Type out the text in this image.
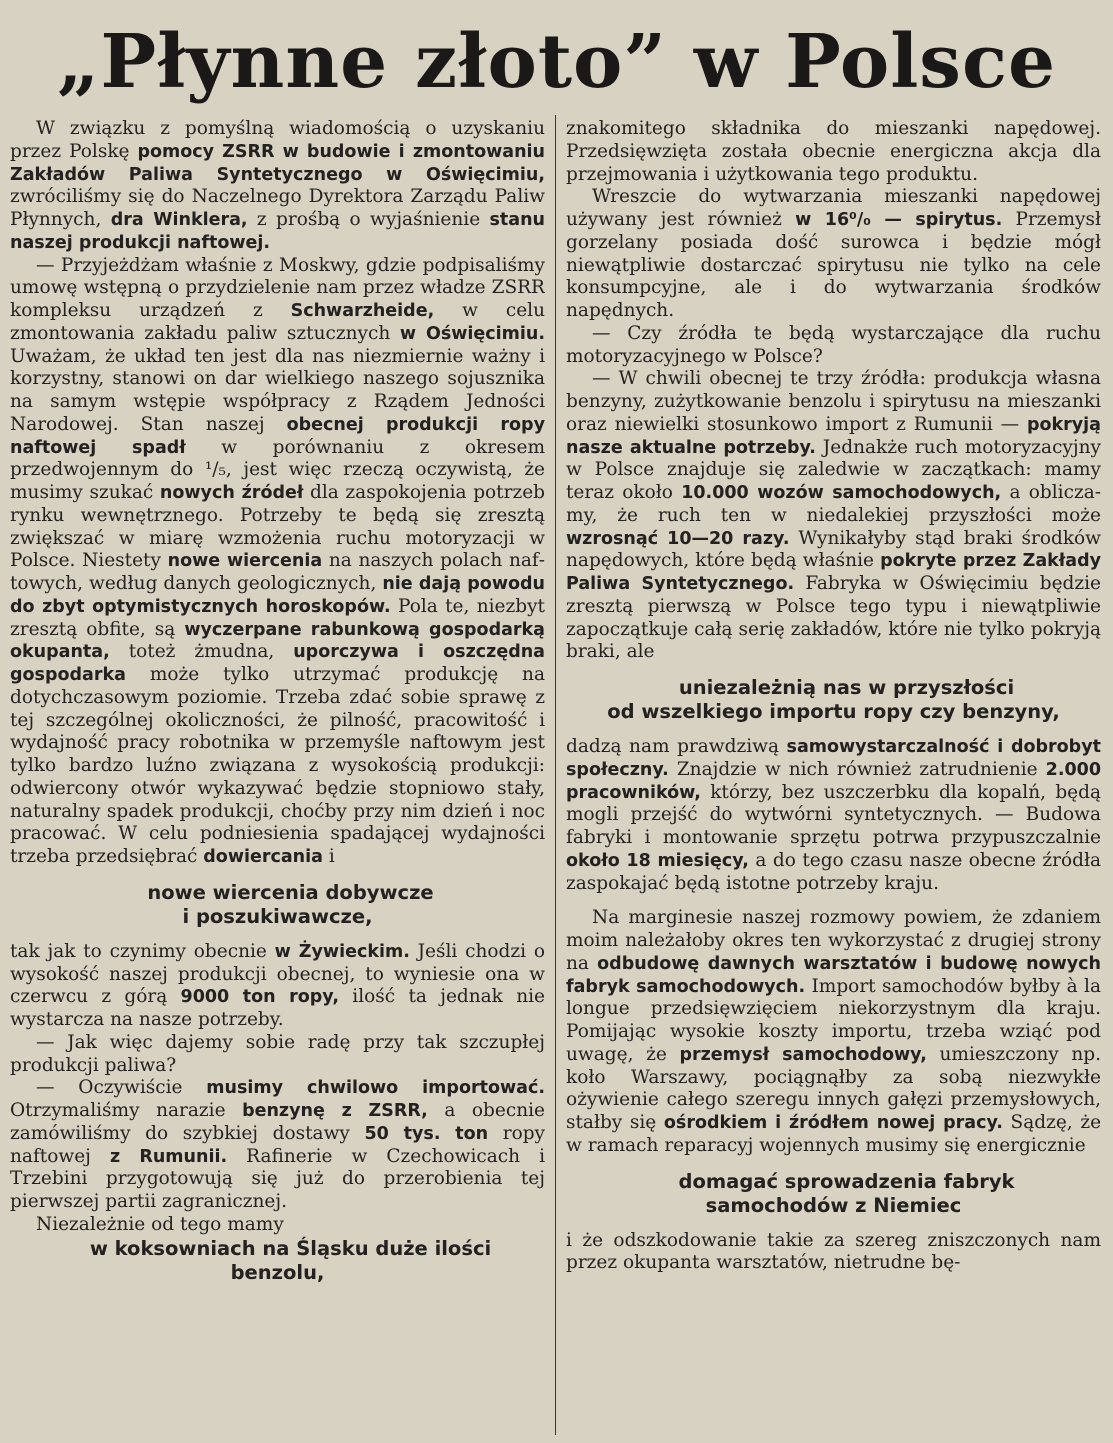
„Płynne złoto” w Polsce

W związku z pomyślną wiadomością o uzyskaniu przez Polskę pomocy ZSRR w budowie i zmontowaniu Zakładów Paliwa Syntetycznego w Oświęcimiu, zwróciliśmy się do Naczelnego Dyrektora Zarządu Paliw Płynnych, dra Winklera, z prośbą o wyjaśnienie stanu naszej produkcji naftowej.

— Przyjeżdżam właśnie z Moskwy, gdzie podpisaliśmy umowę wstępną o przydzielenie nam przez władze ZSRR kompleksu urządzeń z Schwarzheide, w celu zmontowania zakładu paliw sztucznych w Oświęcimiu. Uważam, że układ ten jest dla nas niezmiernie ważny i korzystny, stanowi on dar wielkiego naszego sojusznika na samym wstępie współpracy z Rządem Jedności Narodowej. Stan naszej obecnej produkcji ropy naftowej spadł w porównaniu z okresem przedwojennym do ¹/₅, jest więc rzeczą oczywistą, że musimy szukać nowych źródeł dla zaspokojenia potrzeb rynku wewnętrznego. Potrzeby te będą się zresztą zwiększać w miarę wzmożenia ruchu motoryzacji w Polsce. Niestety nowe wiercenia na naszych polach naftowych, według danych geologicznych, nie dają powodu do zbyt optymistycznych horoskopów. Pola te, niezbyt zresztą obfite, są wyczerpane rabunkową gospodarką okupanta, toteż żmudna, uporczywa i oszczędna gospodarka może tylko utrzymać produkcję na dotychczasowym poziomie. Trzeba zdać sobie sprawę z tej szczególnej okoliczności, że pilność, pracowitość i wydajność pracy robotnika w przemyśle naftowym jest tylko bardzo luźno związana z wysokością produkcji: odwiercony otwór wykazywać będzie stopniowo stały, naturalny spadek produkcji, choćby przy nim dzień i noc pracować. W celu podniesienia spadającej wydajności trzeba przedsiębrać dowiercania i

nowe wiercenia dobywcze
i poszukiwawcze,

tak jak to czynimy obecnie w Żywieckim. Jeśli chodzi o wysokość naszej produkcji obecnej, to wyniesie ona w czerwcu z górą 9000 ton ropy, ilość ta jednak nie wystarcza na nasze potrzeby.

— Jak więc dajemy sobie radę przy tak szczupłej produkcji paliwa?

— Oczywiście musimy chwilowo importować. Otrzymaliśmy narazie benzynę z ZSRR, a obecnie zamówiliśmy do szybkiej dostawy 50 tys. ton ropy naftowej z Rumunii. Rafinerie w Czechowicach i Trzebini przygotowują się już do przerobienia tej pierwszej partii zagranicznej.

Niezależnie od tego mamy

w koksowniach na Śląsku duże ilości
benzolu,

znakomitego składnika do mieszanki napędowej. Przedsięwzięta została obecnie energiczna akcja dla przejmowania i użytkowania tego produktu.

Wreszcie do wytwarzania mieszanki napędowej używany jest również w 16⁰/₀ — spirytus. Przemysł gorzelany posiada dość surowca i będzie mógł niewątpliwie dostarczać spirytusu nie tylko na cele konsumpcyjne, ale i do wytwarzania środków napędnych.

— Czy źródła te będą wystarczające dla ruchu motoryzacyjnego w Polsce?

— W chwili obecnej te trzy źródła: produkcja własna benzyny, zużytkowanie benzolu i spirytusu na mieszanki oraz niewielki stosunkowo import z Rumunii — pokryją nasze aktualne potrzeby. Jednakże ruch motoryzacyjny w Polsce znajduje się zaledwie w zaczątkach: mamy teraz około 10.000 wozów samochodowych, a obliczamy, że ruch ten w niedalekiej przyszłości może wzrosnąć 10—20 razy. Wynikałyby stąd braki środków napędowych, które będą właśnie pokryte przez Zakłady Paliwa Syntetycznego. Fabryka w Oświęcimiu będzie zresztą pierwszą w Polsce tego typu i niewątpliwie zapoczątkuje całą serię zakładów, które nie tylko pokryją braki, ale

uniezależnią nas w przyszłości
od wszelkiego importu ropy czy benzyny,

dadzą nam prawdziwą samowystarczalność i dobrobyt społeczny. Znajdzie w nich również zatrudnienie 2.000 pracowników, którzy, bez uszczerbku dla kopalń, będą mogli przejść do wytwórni syntetycznych. — Budowa fabryki i montowanie sprzętu potrwa przypuszczalnie około 18 miesięcy, a do tego czasu nasze obecne źródła zaspokajać będą istotne potrzeby kraju.

Na marginesie naszej rozmowy powiem, że zdaniem moim należałoby okres ten wykorzystać z drugiej strony na odbudowę dawnych warsztatów i budowę nowych fabryk samochodowych. Import samochodów byłby à la longue przedsięwzięciem niekorzystnym dla kraju. Pomijając wysokie koszty importu, trzeba wziąć pod uwagę, że przemysł samochodowy, umieszczony np. koło Warszawy, pociągnąłby za sobą niezwykłe ożywienie całego szeregu innych gałęzi przemysłowych, stałby się ośrodkiem i źródłem nowej pracy. Sądzę, że w ramach reparacyj wojennych musimy się energicznie

domagać sprowadzenia fabryk
samochodów z Niemiec

i że odszkodowanie takie za szereg zniszczonych nam przez okupanta warsztatów, nietrudne bę-
